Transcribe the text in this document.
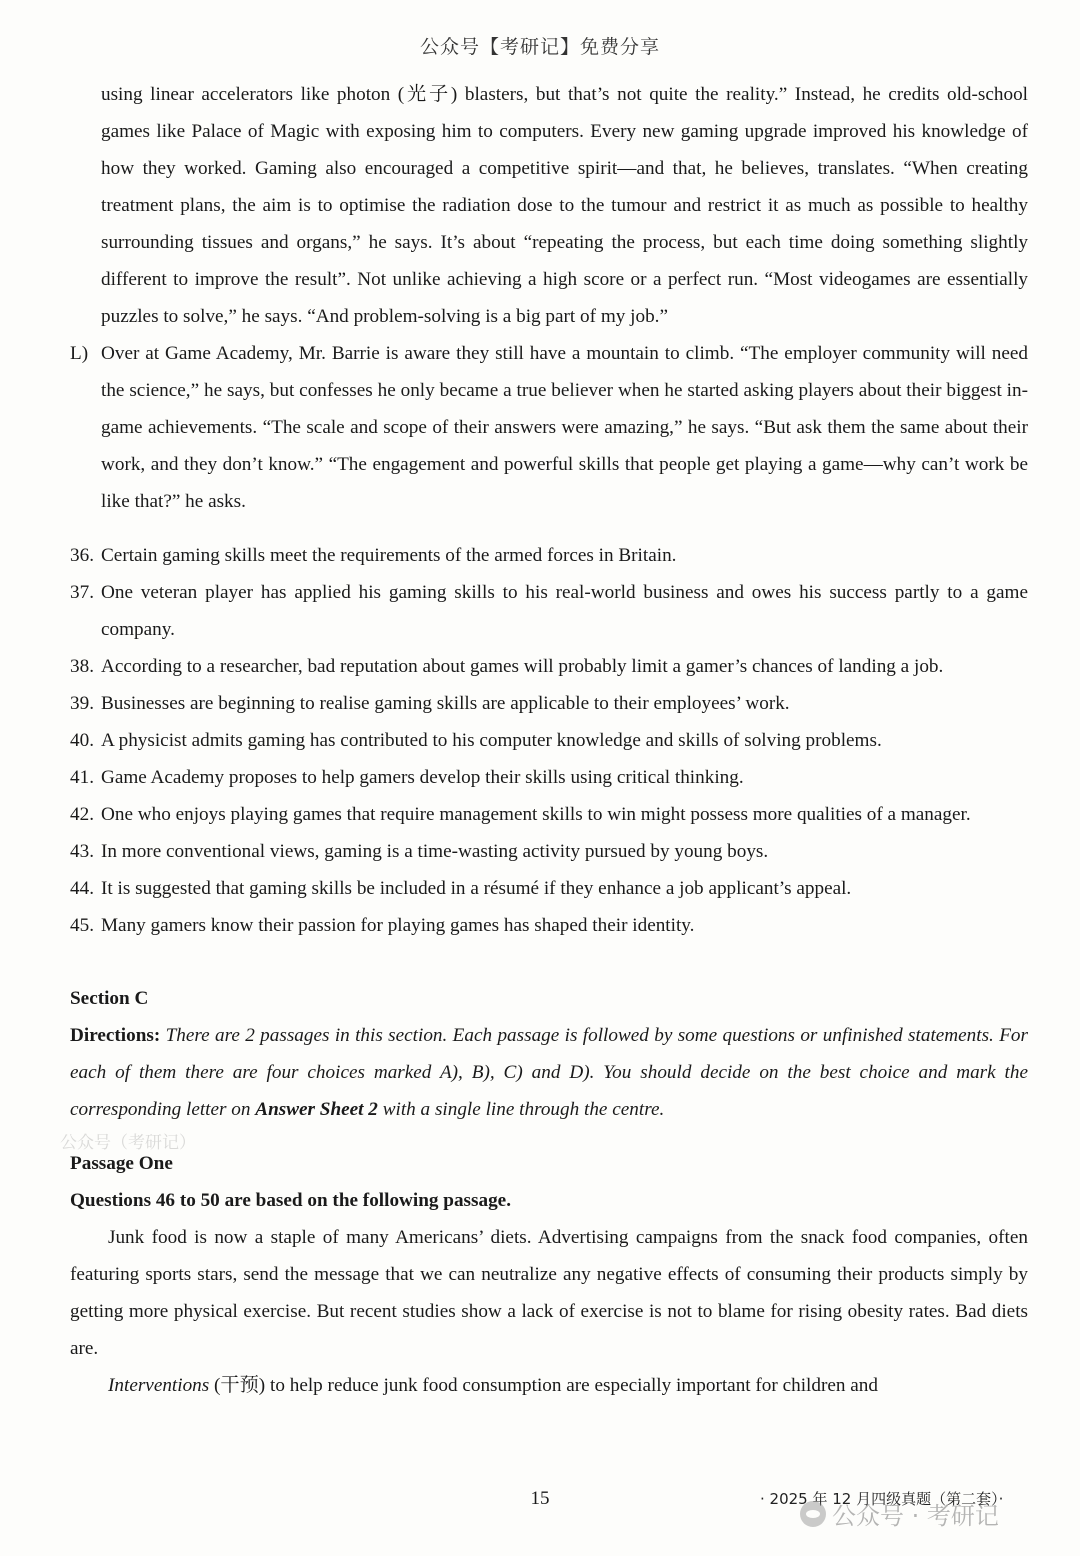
公众号【考研记】免费分享
using linear accelerators like photon (光子) blasters, but that’s not quite the reality.” Instead, he credits old-school games like Palace of Magic with exposing him to computers. Every new gaming upgrade improved his knowledge of how they worked. Gaming also encouraged a competitive spirit—and that, he believes, translates. “When creating treatment plans, the aim is to optimise the radiation dose to the tumour and restrict it as much as possible to healthy surrounding tissues and organs,” he says. It’s about “repeating the process, but each time doing something slightly different to improve the result”. Not unlike achieving a high score or a perfect run. “Most videogames are essentially puzzles to solve,” he says. “And problem-solving is a big part of my job.”
L) Over at Game Academy, Mr. Barrie is aware they still have a mountain to climb. “The employer community will need the science,” he says, but confesses he only became a true believer when he started asking players about their biggest in-game achievements. “The scale and scope of their answers were amazing,” he says. “But ask them the same about their work, and they don’t know.” “The engagement and powerful skills that people get playing a game—why can’t work be like that?” he asks.
36. Certain gaming skills meet the requirements of the armed forces in Britain.
37. One veteran player has applied his gaming skills to his real-world business and owes his success partly to a game company.
38. According to a researcher, bad reputation about games will probably limit a gamer’s chances of landing a job.
39. Businesses are beginning to realise gaming skills are applicable to their employees’ work.
40. A physicist admits gaming has contributed to his computer knowledge and skills of solving problems.
41. Game Academy proposes to help gamers develop their skills using critical thinking.
42. One who enjoys playing games that require management skills to win might possess more qualities of a manager.
43. In more conventional views, gaming is a time-wasting activity pursued by young boys.
44. It is suggested that gaming skills be included in a résumé if they enhance a job applicant’s appeal.
45. Many gamers know their passion for playing games has shaped their identity.
Section C
Directions: There are 2 passages in this section. Each passage is followed by some questions or unfinished statements. For each of them there are four choices marked A), B), C) and D). You should decide on the best choice and mark the corresponding letter on Answer Sheet 2 with a single line through the centre.
Passage One
Questions 46 to 50 are based on the following passage.
Junk food is now a staple of many Americans’ diets. Advertising campaigns from the snack food companies, often featuring sports stars, send the message that we can neutralize any negative effects of consuming their products simply by getting more physical exercise. But recent studies show a lack of exercise is not to blame for rising obesity rates. Bad diets are.
Interventions (干预) to help reduce junk food consumption are especially important for children and
公众号（考研记）
15	· 2025 年 12 月四级真题（第二套）·
公众号 · 考研记
